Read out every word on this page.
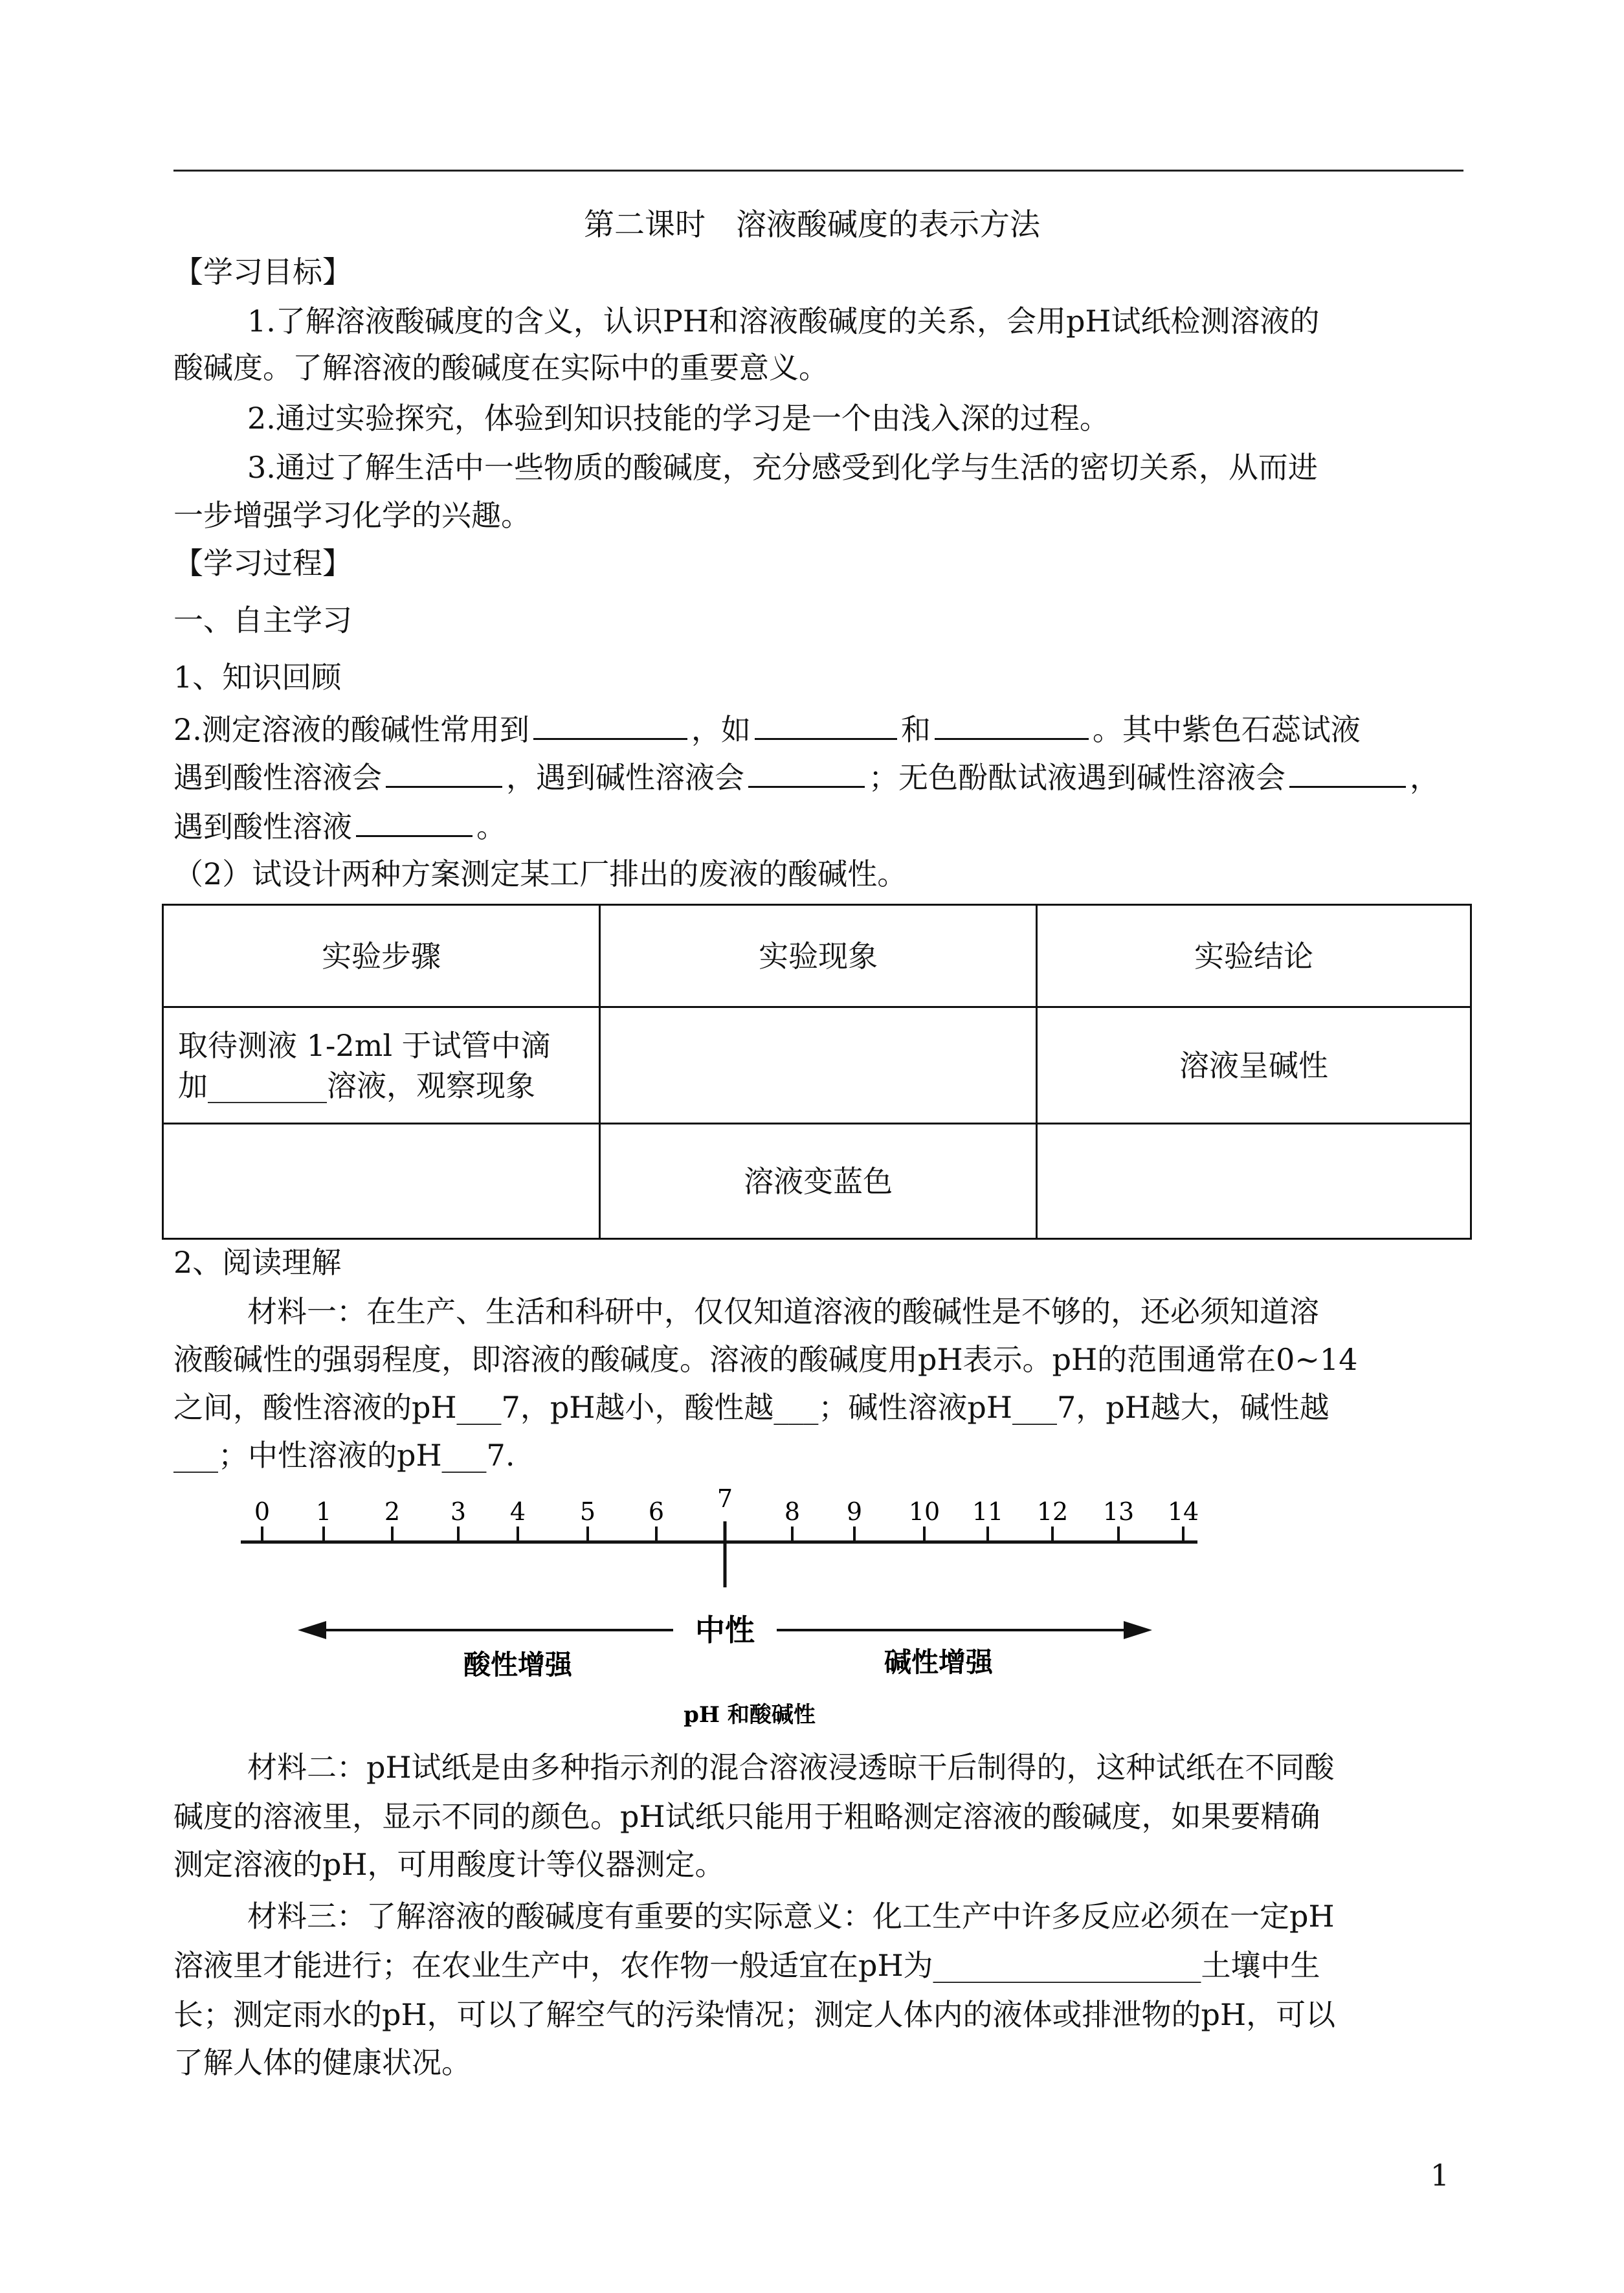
第二课时　溶液酸碱度的表示方法
【学习目标】
1.了解溶液酸碱度的含义，认识PH和溶液酸碱度的关系，会用pH试纸检测溶液的
酸碱度。了解溶液的酸碱度在实际中的重要意义。
2.通过实验探究，体验到知识技能的学习是一个由浅入深的过程。
3.通过了解生活中一些物质的酸碱度，充分感受到化学与生活的密切关系，从而进
一步增强学习化学的兴趣。
【学习过程】
一、自主学习
1、知识回顾
2.测定溶液的酸碱性常用到	，如	和	。其中紫色石蕊试液
遇到酸性溶液会	，遇到碱性溶液会	；无色酚酞试液遇到碱性溶液会	，
遇到酸性溶液	。
（2）试设计两种方案测定某工厂排出的废液的酸碱性。
实验步骤	实验现象	实验结论

取待测液 1-2ml 于试管中滴
加________溶液，观察现象		溶液呈碱性
	溶液变蓝色	
2、阅读理解
材料一：在生产、生活和科研中，仅仅知道溶液的酸碱性是不够的，还必须知道溶
液酸碱性的强弱程度，即溶液的酸碱度。溶液的酸碱度用pH表示。pH的范围通常在0~14
之间，酸性溶液的pH___7，pH越小，酸性越___；碱性溶液pH___7，pH越大，碱性越
___；中性溶液的pH___7.
0 1 2 3 4 5 6 7 8 9 10 11 12 13 14
中性
酸性增强	碱性增强
pH 和酸碱性
材料二：pH试纸是由多种指示剂的混合溶液浸透晾干后制得的，这种试纸在不同酸
碱度的溶液里，显示不同的颜色。pH试纸只能用于粗略测定溶液的酸碱度，如果要精确
测定溶液的pH，可用酸度计等仪器测定。
材料三：了解溶液的酸碱度有重要的实际意义：化工生产中许多反应必须在一定pH
溶液里才能进行；在农业生产中，农作物一般适宜在pH为__________________土壤中生
长；测定雨水的pH，可以了解空气的污染情况；测定人体内的液体或排泄物的pH，可以
了解人体的健康状况。
1
